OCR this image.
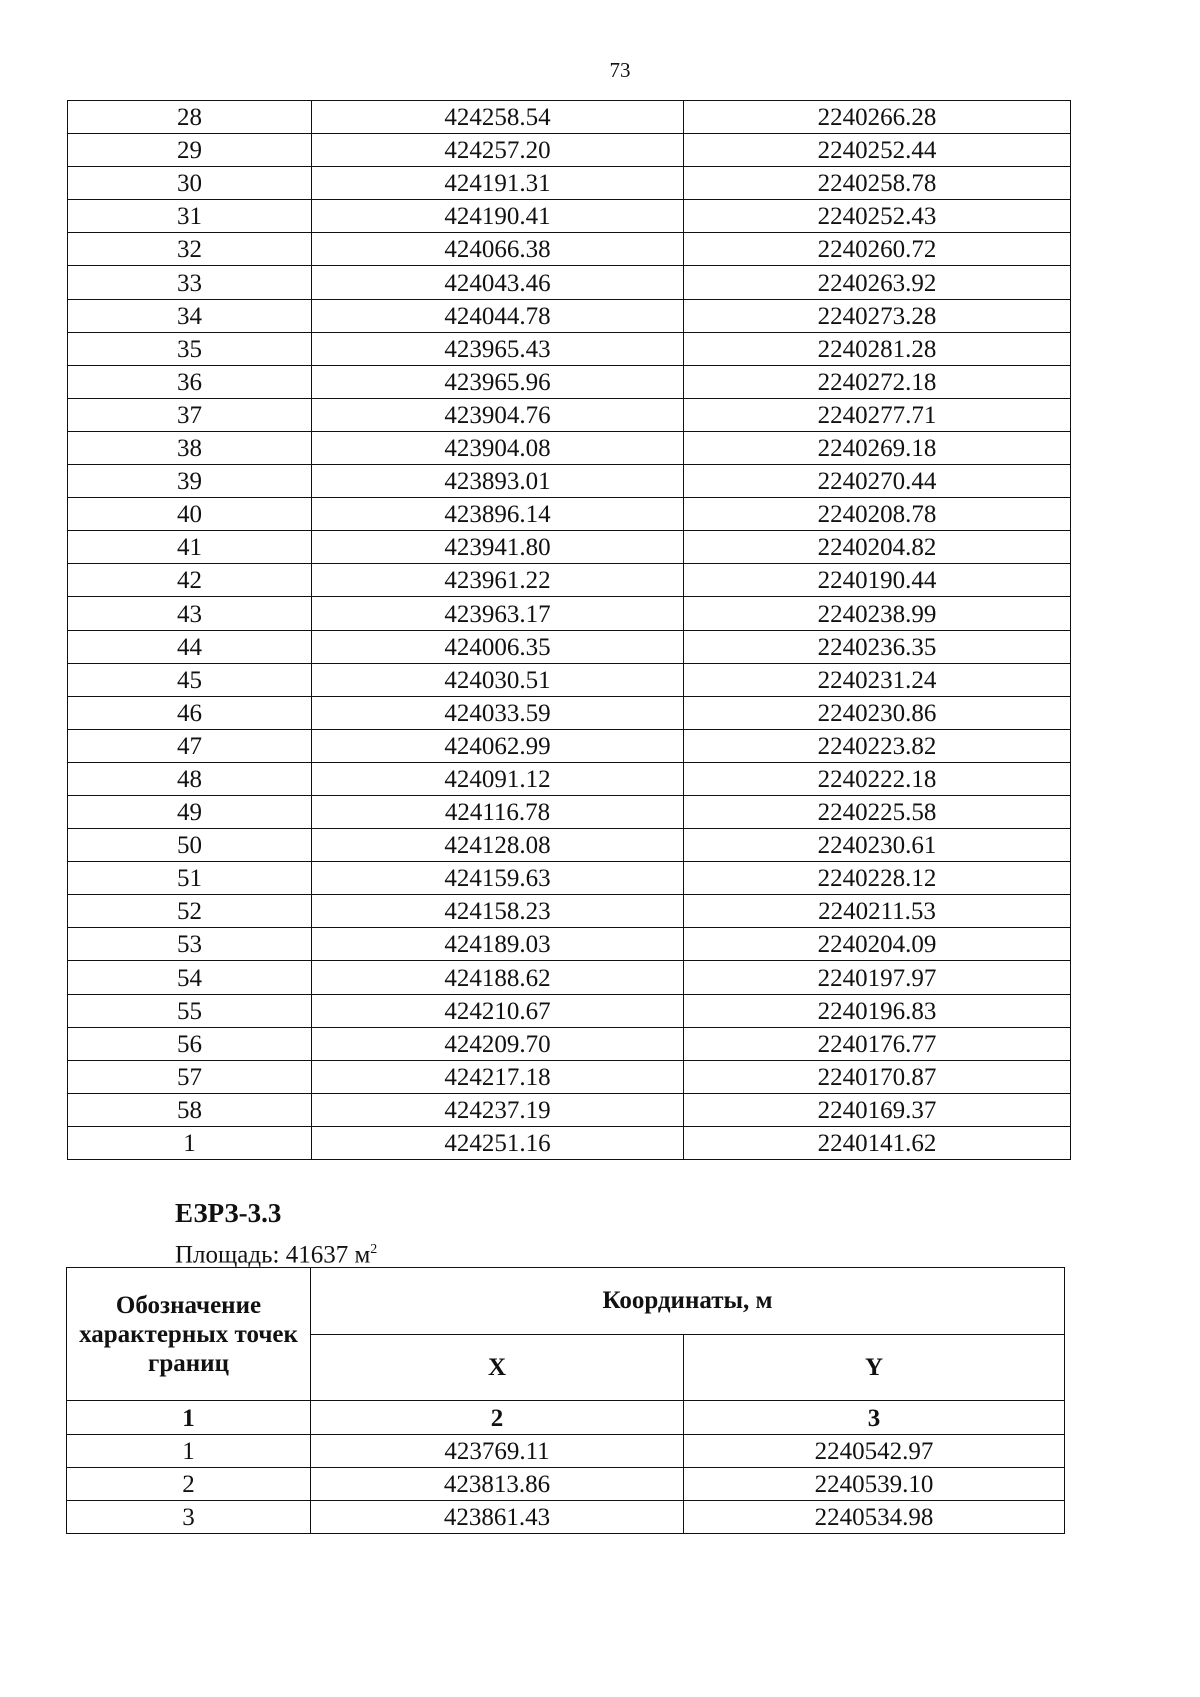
73
28	424258.54	2240266.28
29	424257.20	2240252.44
30	424191.31	2240258.78
31	424190.41	2240252.43
32	424066.38	2240260.72
33	424043.46	2240263.92
34	424044.78	2240273.28
35	423965.43	2240281.28
36	423965.96	2240272.18
37	423904.76	2240277.71
38	423904.08	2240269.18
39	423893.01	2240270.44
40	423896.14	2240208.78
41	423941.80	2240204.82
42	423961.22	2240190.44
43	423963.17	2240238.99
44	424006.35	2240236.35
45	424030.51	2240231.24
46	424033.59	2240230.86
47	424062.99	2240223.82
48	424091.12	2240222.18
49	424116.78	2240225.58
50	424128.08	2240230.61
51	424159.63	2240228.12
52	424158.23	2240211.53
53	424189.03	2240204.09
54	424188.62	2240197.97
55	424210.67	2240196.83
56	424209.70	2240176.77
57	424217.18	2240170.87
58	424237.19	2240169.37
1	424251.16	2240141.62
ЕЗРЗ-3.3
Площадь: 41637 $м^2$
Обозначение характерных точек границ	Координаты, м	
	X	Y
1	2	3
1	423769.11	2240542.97
2	423813.86	2240539.10
3	423861.43	2240534.98
